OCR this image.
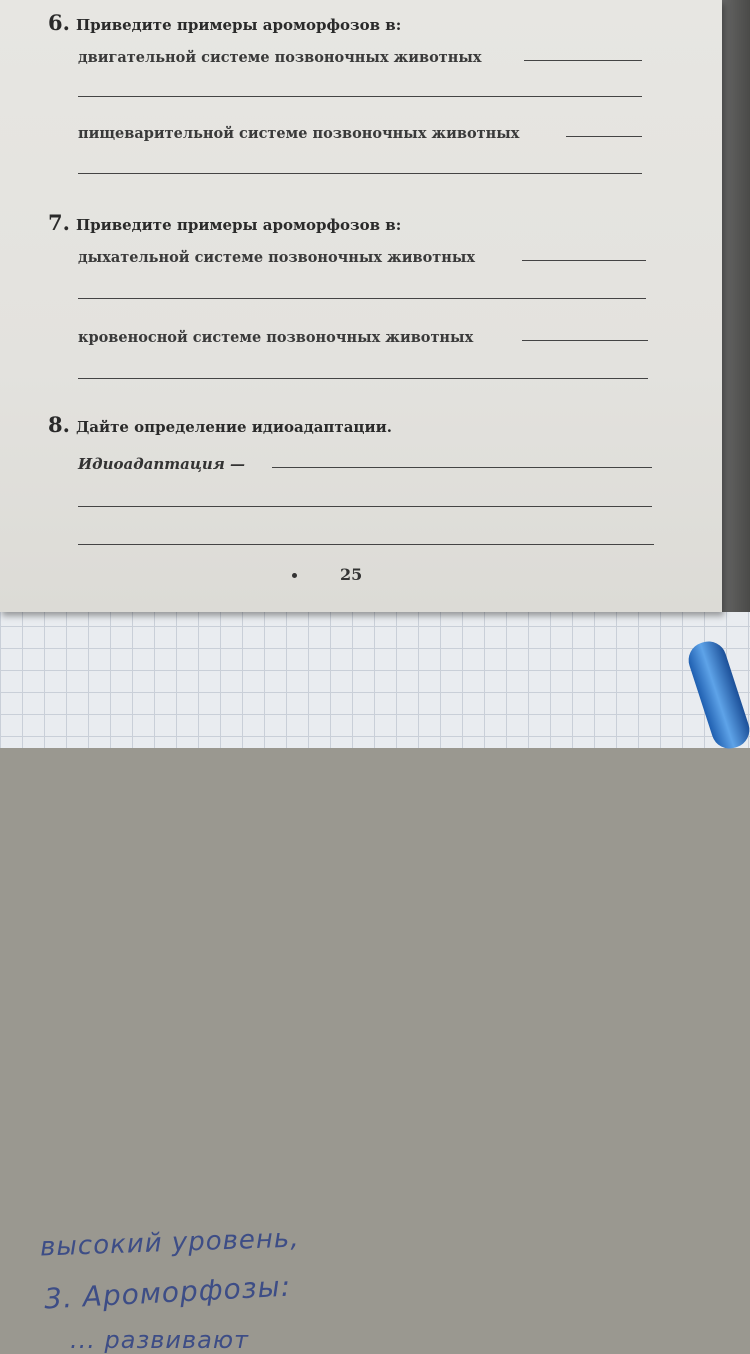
высокий уровень,
3. Ароморфозы:
... развивают
6. Приведите примеры ароморфозов в:
двигательной системе позвоночных животных
пищеварительной системе позвоночных животных
7. Приведите примеры ароморфозов в:
дыхательной системе позвоночных животных
кровеносной системе позвоночных животных
8. Дайте определение идиоадаптации.
Идиоадаптация —
25
